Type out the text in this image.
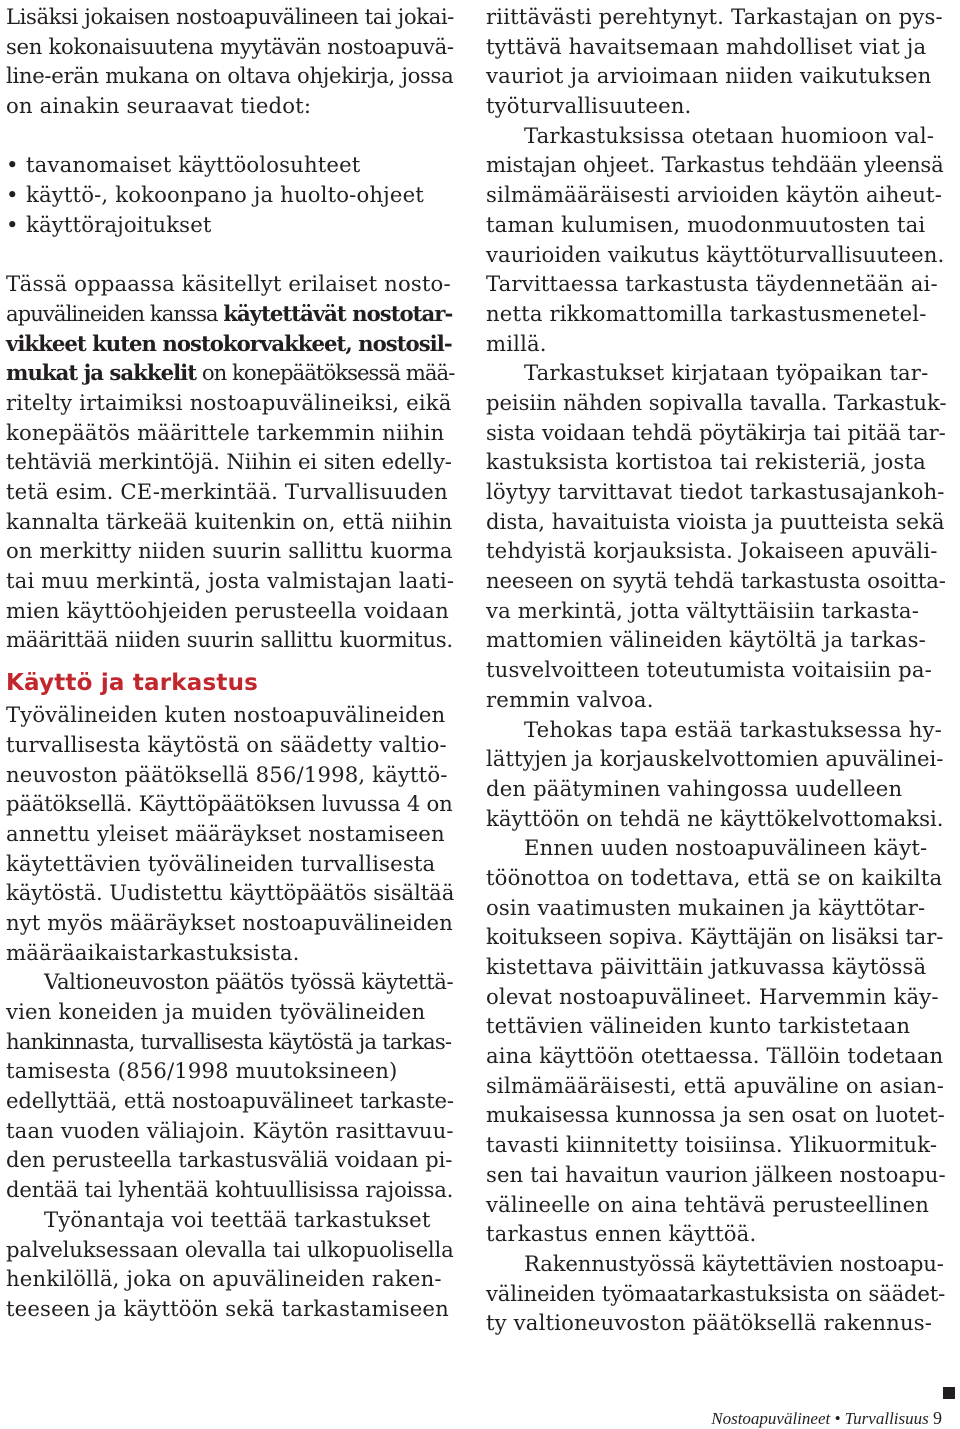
Lisäksi jokaisen nostoapuvälineen tai jokai-
sen kokonaisuutena myytävän nostoapuvä-
line-erän mukana on oltava ohjekirja, jossa
on ainakin seuraavat tiedot:
• tavanomaiset käyttöolosuhteet
• käyttö-, kokoonpano ja huolto-ohjeet
• käyttörajoitukset
Tässä oppaassa käsitellyt erilaiset nosto-
apuvälineiden kanssa käytettävät nostotar-
vikkeet kuten nostokorvakkeet, nostosil-
mukat ja sakkelit on konepäätöksessä mää-
ritelty irtaimiksi nostoapuvälineiksi, eikä
konepäätös määrittele tarkemmin niihin
tehtäviä merkintöjä. Niihin ei siten edelly-
tetä esim. CE-merkintää. Turvallisuuden
kannalta tärkeää kuitenkin on, että niihin
on merkitty niiden suurin sallittu kuorma
tai muu merkintä, josta valmistajan laati-
mien käyttöohjeiden perusteella voidaan
määrittää niiden suurin sallittu kuormitus.
Käyttö ja tarkastus
Työvälineiden kuten nostoapuvälineiden
turvallisesta käytöstä on säädetty valtio-
neuvoston päätöksellä 856/1998, käyttö-
päätöksellä. Käyttöpäätöksen luvussa 4 on
annettu yleiset määräykset nostamiseen
käytettävien työvälineiden turvallisesta
käytöstä. Uudistettu käyttöpäätös sisältää
nyt myös määräykset nostoapuvälineiden
määräaikaistarkastuksista.
Valtioneuvoston päätös työssä käytettä-
vien koneiden ja muiden työvälineiden
hankinnasta, turvallisesta käytöstä ja tarkas-
tamisesta (856/1998 muutoksineen)
edellyttää, että nostoapuvälineet tarkaste-
taan vuoden väliajoin. Käytön rasittavuu-
den perusteella tarkastusväliä voidaan pi-
dentää tai lyhentää kohtuullisissa rajoissa.
Työnantaja voi teettää tarkastukset
palveluksessaan olevalla tai ulkopuolisella
henkilöllä, joka on apuvälineiden raken-
teeseen ja käyttöön sekä tarkastamiseen
riittävästi perehtynyt. Tarkastajan on pys-
tyttävä havaitsemaan mahdolliset viat ja
vauriot ja arvioimaan niiden vaikutuksen
työturvallisuuteen.
Tarkastuksissa otetaan huomioon val-
mistajan ohjeet. Tarkastus tehdään yleensä
silmämääräisesti arvioiden käytön aiheut-
taman kulumisen, muodonmuutosten tai
vaurioiden vaikutus käyttöturvallisuuteen.
Tarvittaessa tarkastusta täydennetään ai-
netta rikkomattomilla tarkastusmenetel-
millä.
Tarkastukset kirjataan työpaikan tar-
peisiin nähden sopivalla tavalla. Tarkastuk-
sista voidaan tehdä pöytäkirja tai pitää tar-
kastuksista kortistoa tai rekisteriä, josta
löytyy tarvittavat tiedot tarkastusajankoh-
dista, havaituista vioista ja puutteista sekä
tehdyistä korjauksista. Jokaiseen apuväli-
neeseen on syytä tehdä tarkastusta osoitta-
va merkintä, jotta vältyttäisiin tarkasta-
mattomien välineiden käytöltä ja tarkas-
tusvelvoitteen toteutumista voitaisiin pa-
remmin valvoa.
Tehokas tapa estää tarkastuksessa hy-
lättyjen ja korjauskelvottomien apuvälinei-
den päätyminen vahingossa uudelleen
käyttöön on tehdä ne käyttökelvottomaksi.
Ennen uuden nostoapuvälineen käyt-
töönottoa on todettava, että se on kaikilta
osin vaatimusten mukainen ja käyttötar-
koitukseen sopiva. Käyttäjän on lisäksi tar-
kistettava päivittäin jatkuvassa käytössä
olevat nostoapuvälineet. Harvemmin käy-
tettävien välineiden kunto tarkistetaan
aina käyttöön otettaessa. Tällöin todetaan
silmämääräisesti, että apuväline on asian-
mukaisessa kunnossa ja sen osat on luotet-
tavasti kiinnitetty toisiinsa. Ylikuormituk-
sen tai havaitun vaurion jälkeen nostoapu-
välineelle on aina tehtävä perusteellinen
tarkastus ennen käyttöä.
Rakennustyössä käytettävien nostoapu-
välineiden työmaatarkastuksista on säädet-
ty valtioneuvoston päätöksellä rakennus-
Nostoapuvälineet • Turvallisuus 9
